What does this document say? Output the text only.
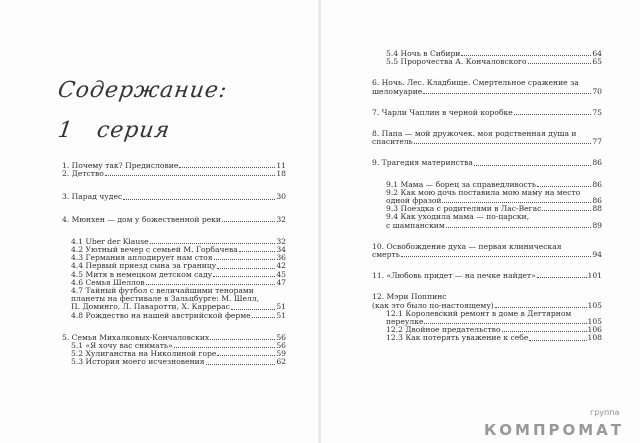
Содержание:
1 серия
1. Почему так? Предисловие	11
2. Детство	18
3. Парад чудес	30
4. Мюнхен — дом у божественной реки	32
4.1 Über der Klause	32
4.2 Уютный вечер с семьей М. Горбачева	34
4.3 Германия аплодирует нам стоя	36
4.4 Первый приезд сына за границу	42
4.5 Митя в немецком детском саду	45
4.6 Семья Шеллов	47
4.7 Тайный футбол с величайшими тенорами
планеты на фестивале в Зальцбурге: М. Шелл,
П. Доминго, Л. Паваротти, Х. Каррерас	51
4.8 Рождество на нашей австрийской ферме	51
5. Семья Михалковых-Кончаловских	56
5.1 «Я хочу вас снимать»	56
5.2 Хулиганства на Николиной горе	59
5.3 История моего исчезновения	62
5.4 Ночь в Сибири	64
5.5 Пророчества А. Кончаловского	65
6. Ночь. Лес. Кладбище. Смертельное сражение за
шеломуарие	70
7. Чарли Чаплин в черной коробке	75
8. Папа — мой дружочек. моя родственная душа и
спаситель	77
9. Трагедия материнства	86
9.1 Мама — борец за справедливость	86
9.2 Как мою дочь поставила мою маму на место
одной фразой	86
9.3 Поездка с родителями в Лас-Вегас	88
9.4 Как уходила мама — по-царски,
с шампанским	89
10. Освобождение духа — первая клиническая
смерть	94
11. «Любовь придет — на печке найдет»	101
12. Мэри Поппинс
(как это было по-настоящему)	105
12.1 Королевский ремонт в доме в Дегтярном
переулке	105
12.2 Двойное предательство	106
12.3 Как потерять уважение к себе	108
группа
КОМПРОМАТ
